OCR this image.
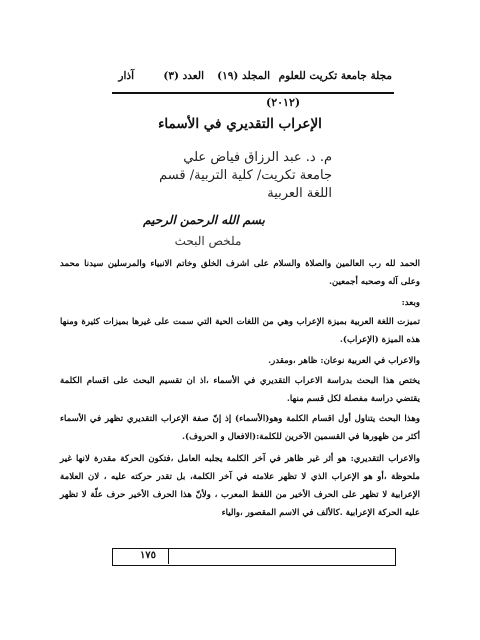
مجلة جامعة تكريت للعلوم
المجلد (١٩)
العدد (٣)
آذار
(٢٠١٢)
الإعراب التقديري في الأسماء
م. د. عبد الرزاق فياض علي
جامعة تكريت/ كلية التربية/ قسم
اللغة العربية
بسم الله الرحمن الرحيم
ملخص البحث
الحمد لله رب العالمين والصلاة والسلام على اشرف الخلق وخاتم الانبياء والمرسلين سيدنا محمد وعلى آله وصحبه أجمعين.
وبعد:
تميزت اللغة العربية بميزة الإعراب وهي من اللغات الحية التي سمت على غيرها بميزات كثيرة ومنها هذه الميزة (الإعراب).
والاعراب في العربية نوعان: ظاهر ،ومقدر.
يختص هذا البحث بدراسة الاعراب التقديري في الأسماء ،اذ ان تقسيم البحث على اقسام الكلمة يقتضي دراسة مفصلة لكل قسم منها.
وهذا البحث يتناول أول اقسام الكلمة وهو(الأسماء) إذ إنّ صفة الإعراب التقديري تظهر في الأسماء أكثر من ظهورها في القسمين الآخرين للكلمة:(الافعال و الحروف).
والاعراب التقديري: هو أثر غير ظاهر في آخر الكلمة يجلبه العامل ،فتكون الحركة مقدرة لانها غير ملحوظة ،أو هو الإعراب الذي لا تظهر علامته في آخر الكلمة، بل تقدر حركته عليه ، لان العلامة الإعرابية لا تظهر على الحرف الأخير من اللفظ المعرب ، ولأنّ هذا الحرف الأخير حرف علّة لا تظهر عليه الحركة الإعرابية .كالألف في الاسم المقصور ،والياء
١٧٥
